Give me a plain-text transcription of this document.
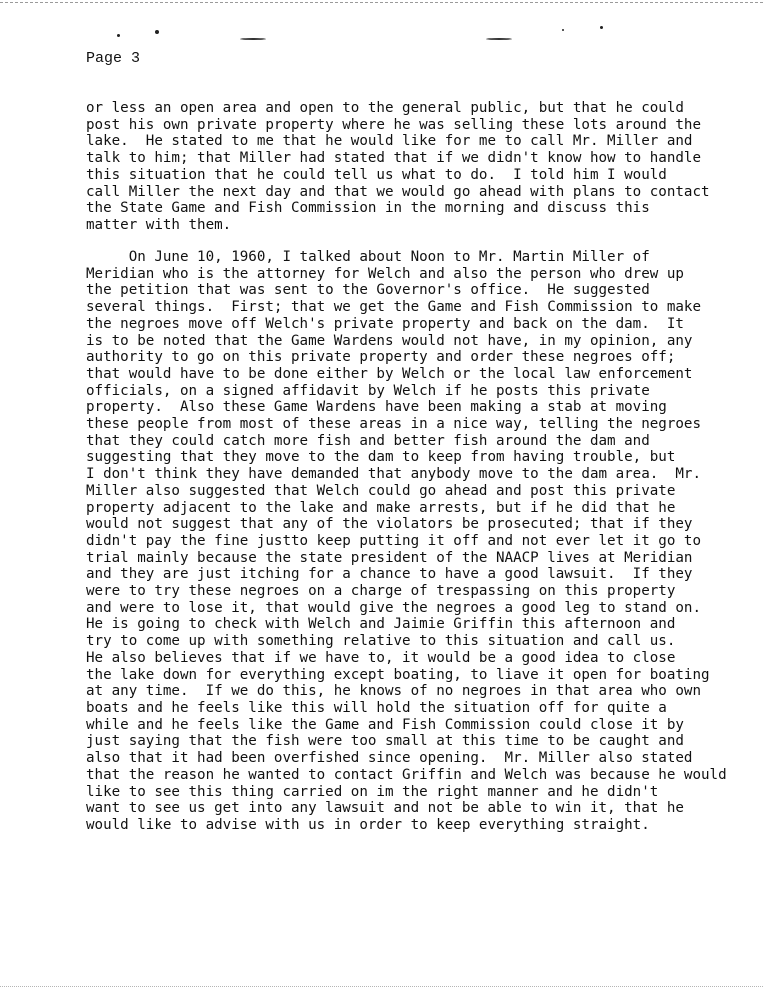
Page 3
or less an open area and open to the general public, but that he could
post his own private property where he was selling these lots around the
lake.  He stated to me that he would like for me to call Mr. Miller and
talk to him; that Miller had stated that if we didn't know how to handle
this situation that he could tell us what to do.  I told him I would
call Miller the next day and that we would go ahead with plans to contact
the State Game and Fish Commission in the morning and discuss this
matter with them.
On June 10, 1960, I talked about Noon to Mr. Martin Miller of
Meridian who is the attorney for Welch and also the person who drew up
the petition that was sent to the Governor's office.  He suggested
several things.  First; that we get the Game and Fish Commission to make
the negroes move off Welch's private property and back on the dam.  It
is to be noted that the Game Wardens would not have, in my opinion, any
authority to go on this private property and order these negroes off;
that would have to be done either by Welch or the local law enforcement
officials, on a signed affidavit by Welch if he posts this private
property.  Also these Game Wardens have been making a stab at moving
these people from most of these areas in a nice way, telling the negroes
that they could catch more fish and better fish around the dam and
suggesting that they move to the dam to keep from having trouble, but
I don't think they have demanded that anybody move to the dam area.  Mr.
Miller also suggested that Welch could go ahead and post this private
property adjacent to the lake and make arrests, but if he did that he
would not suggest that any of the violators be prosecuted; that if they
didn't pay the fine justto keep putting it off and not ever let it go to
trial mainly because the state president of the NAACP lives at Meridian
and they are just itching for a chance to have a good lawsuit.  If they
were to try these negroes on a charge of trespassing on this property
and were to lose it, that would give the negroes a good leg to stand on.
He is going to check with Welch and Jaimie Griffin this afternoon and
try to come up with something relative to this situation and call us.
He also believes that if we have to, it would be a good idea to close
the lake down for everything except boating, to liave it open for boating
at any time.  If we do this, he knows of no negroes in that area who own
boats and he feels like this will hold the situation off for quite a
while and he feels like the Game and Fish Commission could close it by
just saying that the fish were too small at this time to be caught and
also that it had been overfished since opening.  Mr. Miller also stated
that the reason he wanted to contact Griffin and Welch was because he would
like to see this thing carried on im the right manner and he didn't
want to see us get into any lawsuit and not be able to win it, that he
would like to advise with us in order to keep everything straight.
